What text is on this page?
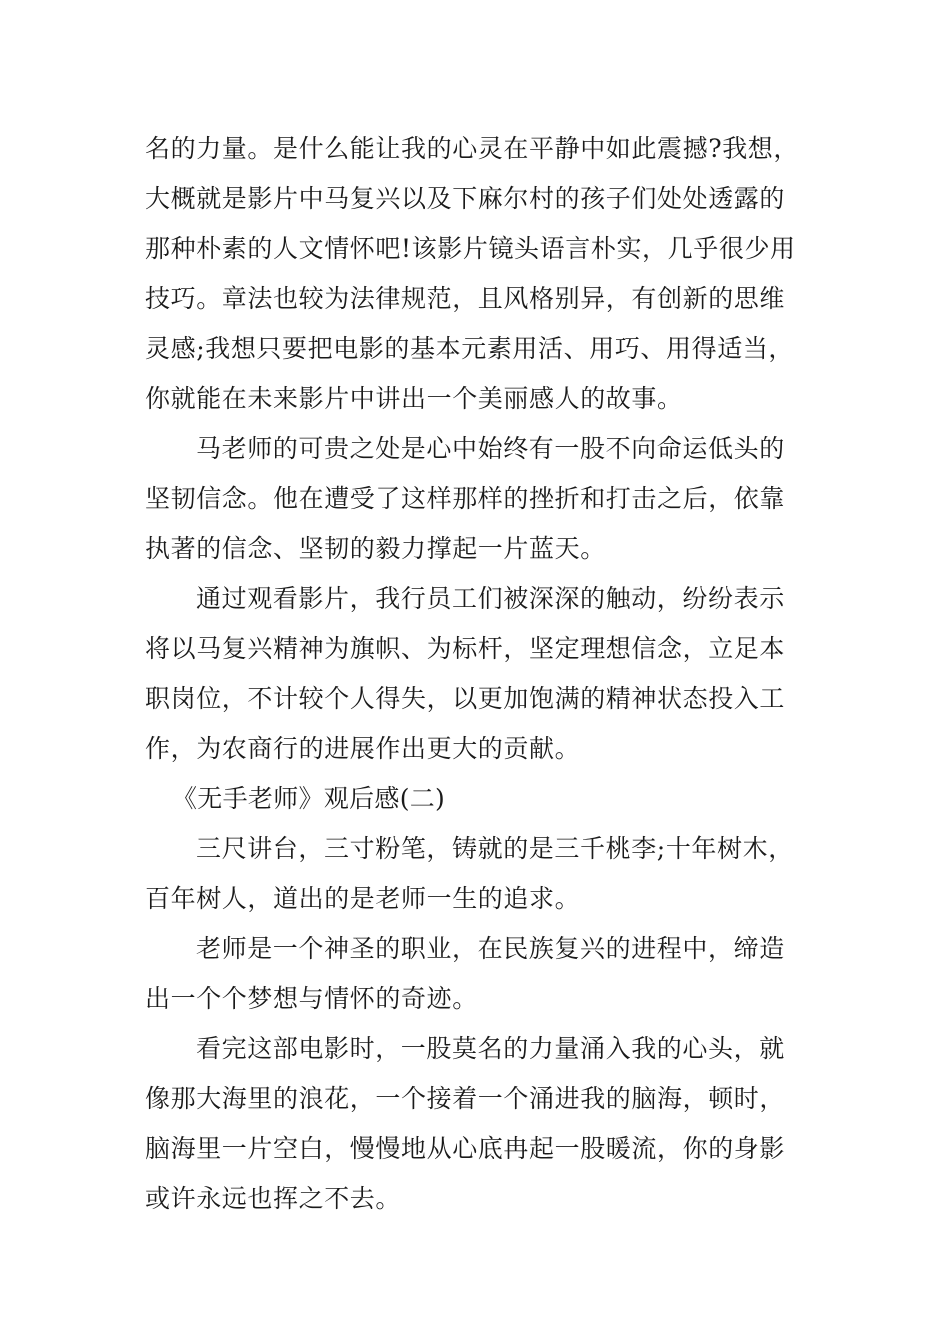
名的力量。是什么能让我的心灵在平静中如此震撼?我想，
大概就是影片中马复兴以及下麻尔村的孩子们处处透露的
那种朴素的人文情怀吧!该影片镜头语言朴实，几乎很少用
技巧。章法也较为法律规范，且风格别异，有创新的思维
灵感;我想只要把电影的基本元素用活、用巧、用得适当，
你就能在未来影片中讲出一个美丽感人的故事。
马老师的可贵之处是心中始终有一股不向命运低头的
坚韧信念。他在遭受了这样那样的挫折和打击之后，依靠
执著的信念、坚韧的毅力撑起一片蓝天。
通过观看影片，我行员工们被深深的触动，纷纷表示
将以马复兴精神为旗帜、为标杆，坚定理想信念，立足本
职岗位，不计较个人得失，以更加饱满的精神状态投入工
作，为农商行的进展作出更大的贡献。
《无手老师》观后感(二)
三尺讲台，三寸粉笔，铸就的是三千桃李;十年树木，
百年树人，道出的是老师一生的追求。
老师是一个神圣的职业，在民族复兴的进程中，缔造
出一个个梦想与情怀的奇迹。
看完这部电影时，一股莫名的力量涌入我的心头，就
像那大海里的浪花，一个接着一个涌进我的脑海，顿时，
脑海里一片空白，慢慢地从心底冉起一股暖流，你的身影
或许永远也挥之不去。
